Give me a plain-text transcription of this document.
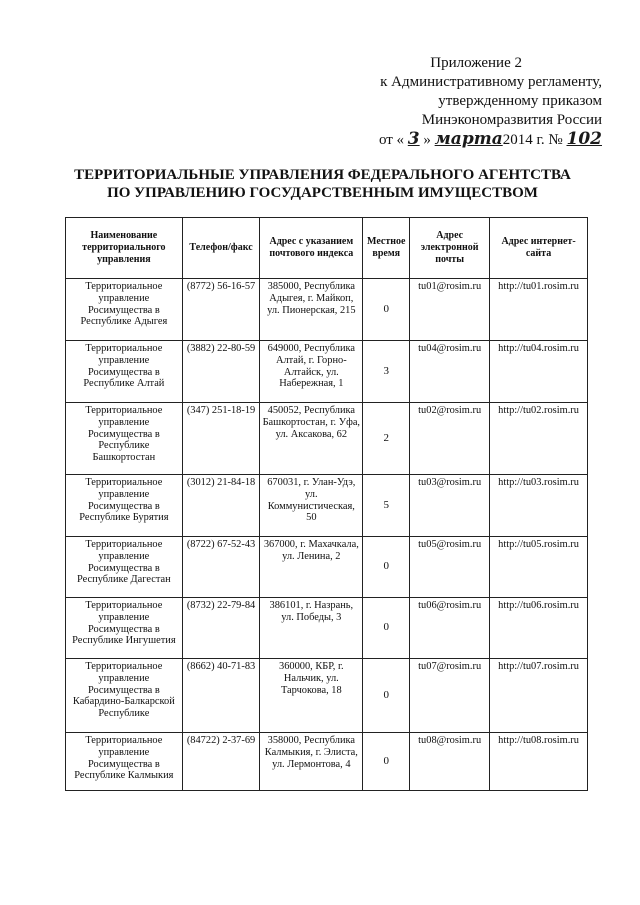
Приложение 2
к Административному регламенту,
утвержденному приказом
Минэкономразвития России
от « 3 » марта2014 г. № 102
ТЕРРИТОРИАЛЬНЫЕ УПРАВЛЕНИЯ ФЕДЕРАЛЬНОГО АГЕНТСТВА
ПО УПРАВЛЕНИЮ ГОСУДАРСТВЕННЫМ ИМУЩЕСТВОМ
Наименование территориального управления	Телефон/факс	Адрес с указанием почтового индекса	Местное время	Адрес электронной почты	Адрес интернет-сайта
Территориальное управление Росимущества в Республике Адыгея	(8772) 56-16-57	385000, Республика Адыгея, г. Майкоп, ул. Пионерская, 215	0	tu01@rosim.ru	http://tu01.rosim.ru
Территориальное управление Росимущества в Республике Алтай	(3882) 22-80-59	649000, Республика Алтай, г. Горно-Алтайск, ул. Набережная, 1	3	tu04@rosim.ru	http://tu04.rosim.ru
Территориальное управление Росимущества в Республике Башкортостан	(347) 251-18-19	450052, Республика Башкортостан, г. Уфа, ул. Аксакова, 62	2	tu02@rosim.ru	http://tu02.rosim.ru
Территориальное управление Росимущества в Республике Бурятия	(3012) 21-84-18	670031, г. Улан-Удэ, ул. Коммунистическая, 50	5	tu03@rosim.ru	http://tu03.rosim.ru
Территориальное управление Росимущества в Республике Дагестан	(8722) 67-52-43	367000, г. Махачкала, ул. Ленина, 2	0	tu05@rosim.ru	http://tu05.rosim.ru
Территориальное управление Росимущества в Республике Ингушетия	(8732) 22-79-84	386101, г. Назрань, ул. Победы, 3	0	tu06@rosim.ru	http://tu06.rosim.ru
Территориальное управление Росимущества в Кабардино-Балкарской Республике	(8662) 40-71-83	360000, КБР, г. Нальчик, ул. Тарчокова, 18	0	tu07@rosim.ru	http://tu07.rosim.ru
Территориальное управление Росимущества в Республике Калмыкия	(84722) 2-37-69	358000, Республика Калмыкия, г. Элиста, ул. Лермонтова, 4	0	tu08@rosim.ru	http://tu08.rosim.ru
